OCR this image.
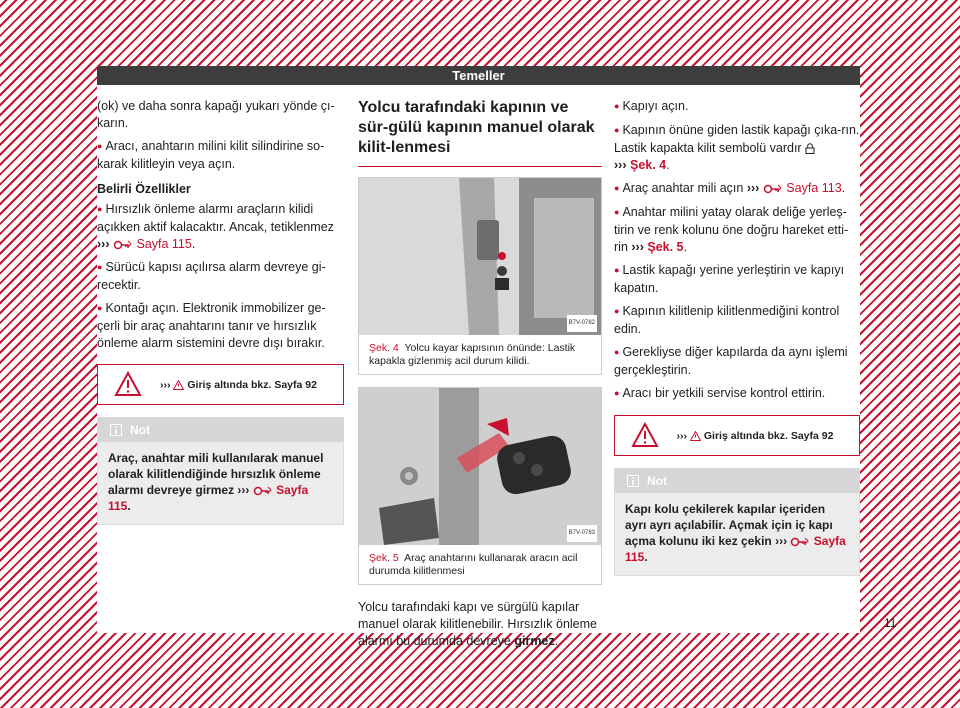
Temeller

(ok) ve daha sonra kapağı yukarı yönde çı-karın.

● Aracı, anahtarın milini kilit silindirine so-karak kilitleyin veya açın.

Belirli Özellikler

● Hırsızlık önleme alarmı araçların kilidi açıkken aktif kalacaktır. Ancak, tetiklenmez ››› Sayfa 115.

● Sürücü kapısı açılırsa alarm devreye gi-recektir.

● Kontağı açın. Elektronik immobilizer ge-çerli bir araç anahtarını tanır ve hırsızlık önleme alarm sistemini devre dışı bırakır.

››› Giriş altında bkz. Sayfa 92
Not
Araç, anahtar mili kullanılarak manuel olarak kilitlendiğinde hırsızlık önleme alarmı devreye girmez ››› Sayfa 115.
Yolcu tarafındaki kapının ve sür-gülü kapının manuel olarak kilit-lenmesi
B7V-0782
Şek. 4 Yolcu kayar kapısının önünde: Lastik kapakla gizlenmiş acil durum kilidi.
B7V-0783
Şek. 5 Araç anahtarını kullanarak aracın acil durumda kilitlenmesi

Yolcu tarafındaki kapı ve sürgülü kapılar manuel olarak kilitlenebilir. Hırsızlık önleme alarmı bu durumda devreye girmez.

● Kapıyı açın.

● Kapının önüne giden lastik kapağı çıka-rın. Lastik kapakta kilit sembolü vardır
››› Şek. 4.

● Araç anahtar mili açın ››› Sayfa 113.

● Anahtar milini yatay olarak deliğe yerleş-tirin ve renk kolunu öne doğru hareket etti-rin ››› Şek. 5.

● Lastik kapağı yerine yerleştirin ve kapıyı kapatın.

● Kapının kilitlenip kilitlenmediğini kontrol edin.

● Gerekliyse diğer kapılarda da aynı işlemi gerçekleştirin.

● Aracı bir yetkili servise kontrol ettirin.

››› Giriş altında bkz. Sayfa 92
Not
Kapı kolu çekilerek kapılar içeriden ayrı ayrı açılabilir. Açmak için iç kapı açma kolunu iki kez çekin ››› Sayfa 115.
11
